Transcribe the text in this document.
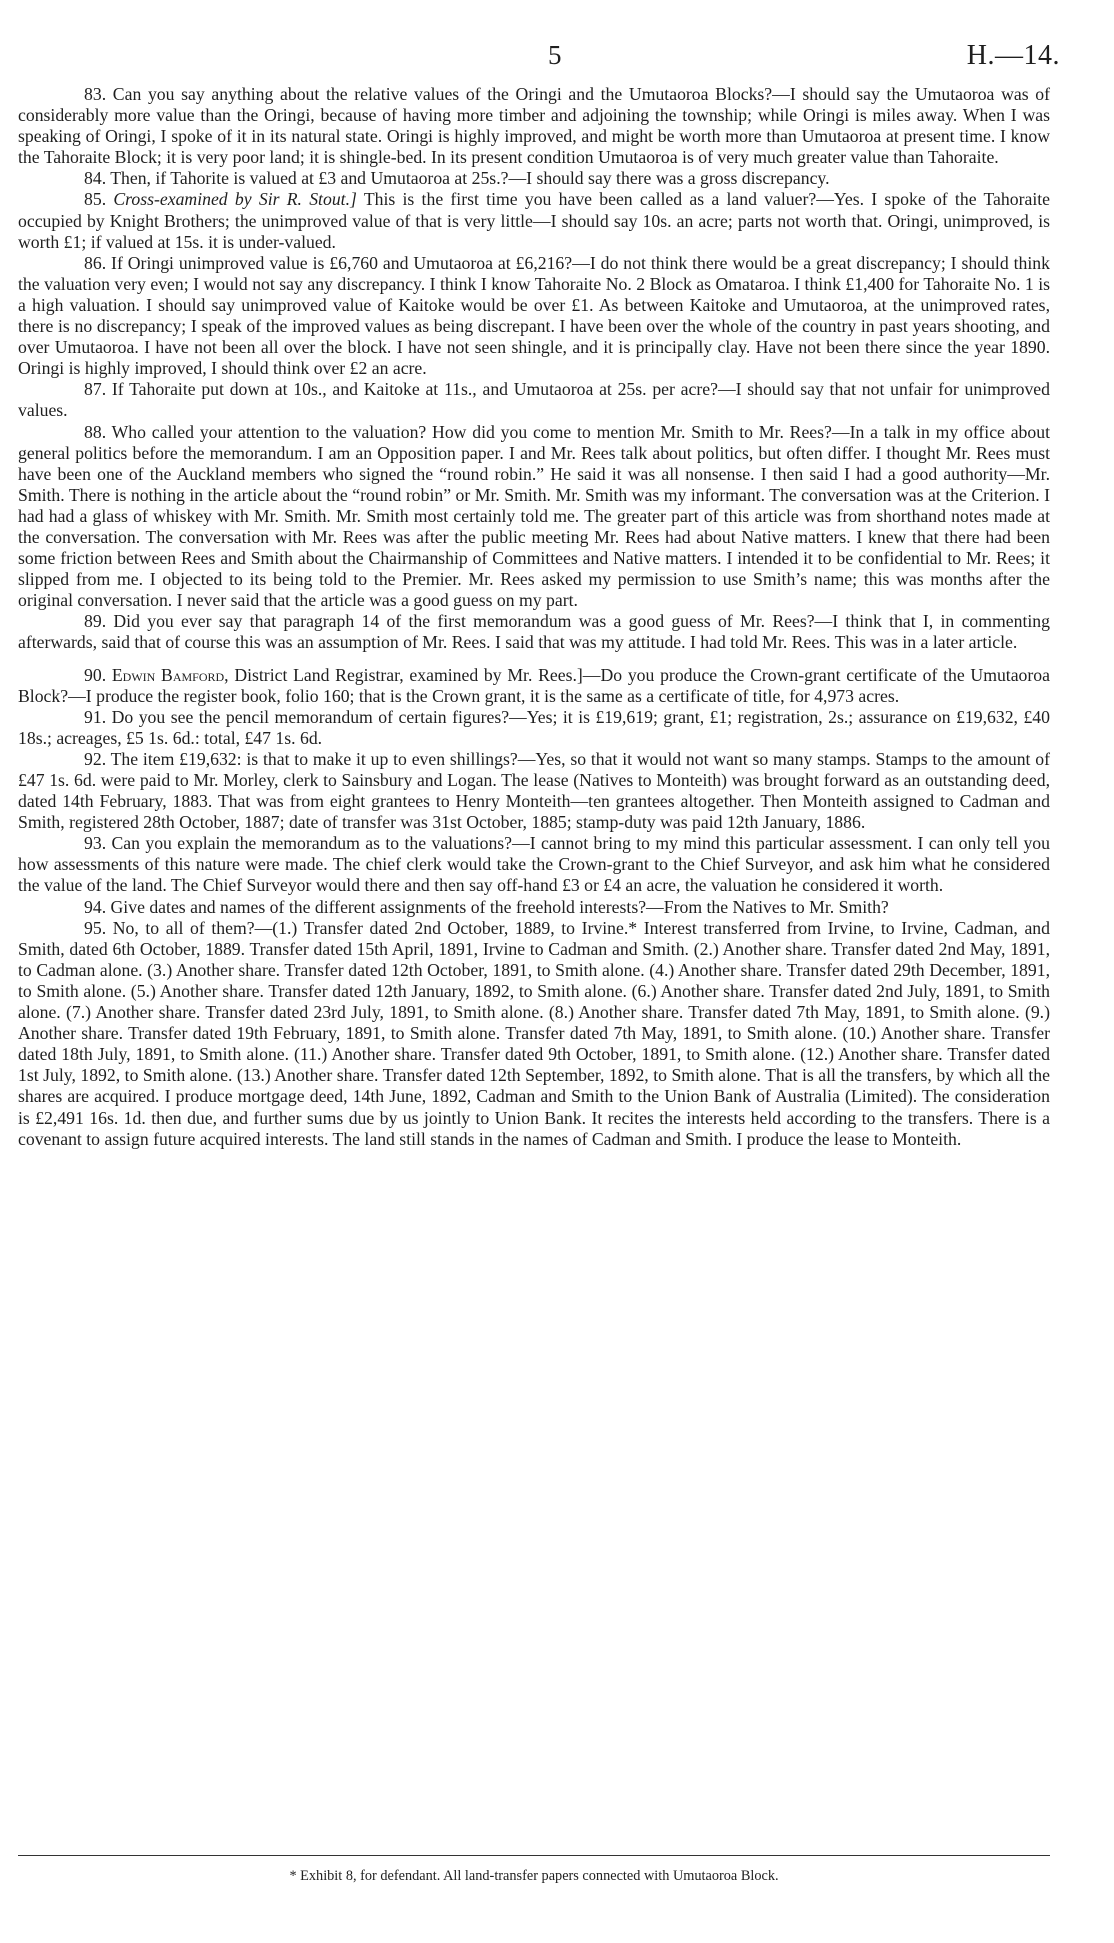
5	H.—14.

83. Can you say anything about the relative values of the Oringi and the Umutaoroa Blocks?—I should say the Umutaoroa was of considerably more value than the Oringi, because of having more timber and adjoining the township; while Oringi is miles away. When I was speaking of Oringi, I spoke of it in its natural state. Oringi is highly improved, and might be worth more than Umutaoroa at present time. I know the Tahoraite Block; it is very poor land; it is shingle-bed. In its present condition Umutaoroa is of very much greater value than Tahoraite.

84. Then, if Tahorite is valued at £3 and Umutaoroa at 25s.?—I should say there was a gross discrepancy.

85. Cross-examined by Sir R. Stout.] This is the first time you have been called as a land valuer?—Yes. I spoke of the Tahoraite occupied by Knight Brothers; the unimproved value of that is very little—I should say 10s. an acre; parts not worth that. Oringi, unimproved, is worth £1; if valued at 15s. it is under-valued.

86. If Oringi unimproved value is £6,760 and Umutaoroa at £6,216?—I do not think there would be a great discrepancy; I should think the valuation very even; I would not say any discrepancy. I think I know Tahoraite No. 2 Block as Omataroa. I think £1,400 for Tahoraite No. 1 is a high valuation. I should say unimproved value of Kaitoke would be over £1. As between Kaitoke and Umutaoroa, at the unimproved rates, there is no discrepancy; I speak of the improved values as being discrepant. I have been over the whole of the country in past years shooting, and over Umutaoroa. I have not been all over the block. I have not seen shingle, and it is principally clay. Have not been there since the year 1890. Oringi is highly improved, I should think over £2 an acre.

87. If Tahoraite put down at 10s., and Kaitoke at 11s., and Umutaoroa at 25s. per acre?—I should say that not unfair for unimproved values.

88. Who called your attention to the valuation? How did you come to mention Mr. Smith to Mr. Rees?—In a talk in my office about general politics before the memorandum. I am an Opposition paper. I and Mr. Rees talk about politics, but often differ. I thought Mr. Rees must have been one of the Auckland members who signed the “round robin.” He said it was all nonsense. I then said I had a good authority—Mr. Smith. There is nothing in the article about the “round robin” or Mr. Smith. Mr. Smith was my informant. The conversation was at the Criterion. I had had a glass of whiskey with Mr. Smith. Mr. Smith most certainly told me. The greater part of this article was from shorthand notes made at the conversation. The conversation with Mr. Rees was after the public meeting Mr. Rees had about Native matters. I knew that there had been some friction between Rees and Smith about the Chairmanship of Committees and Native matters. I intended it to be confidential to Mr. Rees; it slipped from me. I objected to its being told to the Premier. Mr. Rees asked my permission to use Smith’s name; this was months after the original conversation. I never said that the article was a good guess on my part.

89. Did you ever say that paragraph 14 of the first memorandum was a good guess of Mr. Rees?—I think that I, in commenting afterwards, said that of course this was an assumption of Mr. Rees. I said that was my attitude. I had told Mr. Rees. This was in a later article.

90. Edwin Bamford, District Land Registrar, examined by Mr. Rees.]—Do you produce the Crown-grant certificate of the Umutaoroa Block?—I produce the register book, folio 160; that is the Crown grant, it is the same as a certificate of title, for 4,973 acres.

91. Do you see the pencil memorandum of certain figures?—Yes; it is £19,619; grant, £1; registration, 2s.; assurance on £19,632, £40 18s.; acreages, £5 1s. 6d.: total, £47 1s. 6d.

92. The item £19,632: is that to make it up to even shillings?—Yes, so that it would not want so many stamps. Stamps to the amount of £47 1s. 6d. were paid to Mr. Morley, clerk to Sainsbury and Logan. The lease (Natives to Monteith) was brought forward as an outstanding deed, dated 14th February, 1883. That was from eight grantees to Henry Monteith—ten grantees altogether. Then Monteith assigned to Cadman and Smith, registered 28th October, 1887; date of transfer was 31st October, 1885; stamp-duty was paid 12th January, 1886.

93. Can you explain the memorandum as to the valuations?—I cannot bring to my mind this particular assessment. I can only tell you how assessments of this nature were made. The chief clerk would take the Crown-grant to the Chief Surveyor, and ask him what he considered the value of the land. The Chief Surveyor would there and then say off-hand £3 or £4 an acre, the valuation he considered it worth.

94. Give dates and names of the different assignments of the freehold interests?—From the Natives to Mr. Smith?

95. No, to all of them?—(1.) Transfer dated 2nd October, 1889, to Irvine.* Interest transferred from Irvine, to Irvine, Cadman, and Smith, dated 6th October, 1889. Transfer dated 15th April, 1891, Irvine to Cadman and Smith. (2.) Another share. Transfer dated 2nd May, 1891, to Cadman alone. (3.) Another share. Transfer dated 12th October, 1891, to Smith alone. (4.) Another share. Transfer dated 29th December, 1891, to Smith alone. (5.) Another share. Transfer dated 12th January, 1892, to Smith alone. (6.) Another share. Transfer dated 2nd July, 1891, to Smith alone. (7.) Another share. Transfer dated 23rd July, 1891, to Smith alone. (8.) Another share. Transfer dated 7th May, 1891, to Smith alone. (9.) Another share. Transfer dated 19th February, 1891, to Smith alone. Transfer dated 7th May, 1891, to Smith alone. (10.) Another share. Transfer dated 18th July, 1891, to Smith alone. (11.) Another share. Transfer dated 9th October, 1891, to Smith alone. (12.) Another share. Transfer dated 1st July, 1892, to Smith alone. (13.) Another share. Transfer dated 12th September, 1892, to Smith alone. That is all the transfers, by which all the shares are acquired. I produce mortgage deed, 14th June, 1892, Cadman and Smith to the Union Bank of Australia (Limited). The consideration is £2,491 16s. 1d. then due, and further sums due by us jointly to Union Bank. It recites the interests held according to the transfers. There is a covenant to assign future acquired interests. The land still stands in the names of Cadman and Smith. I produce the lease to Monteith.

* Exhibit 8, for defendant. All land-transfer papers connected with Umutaoroa Block.
